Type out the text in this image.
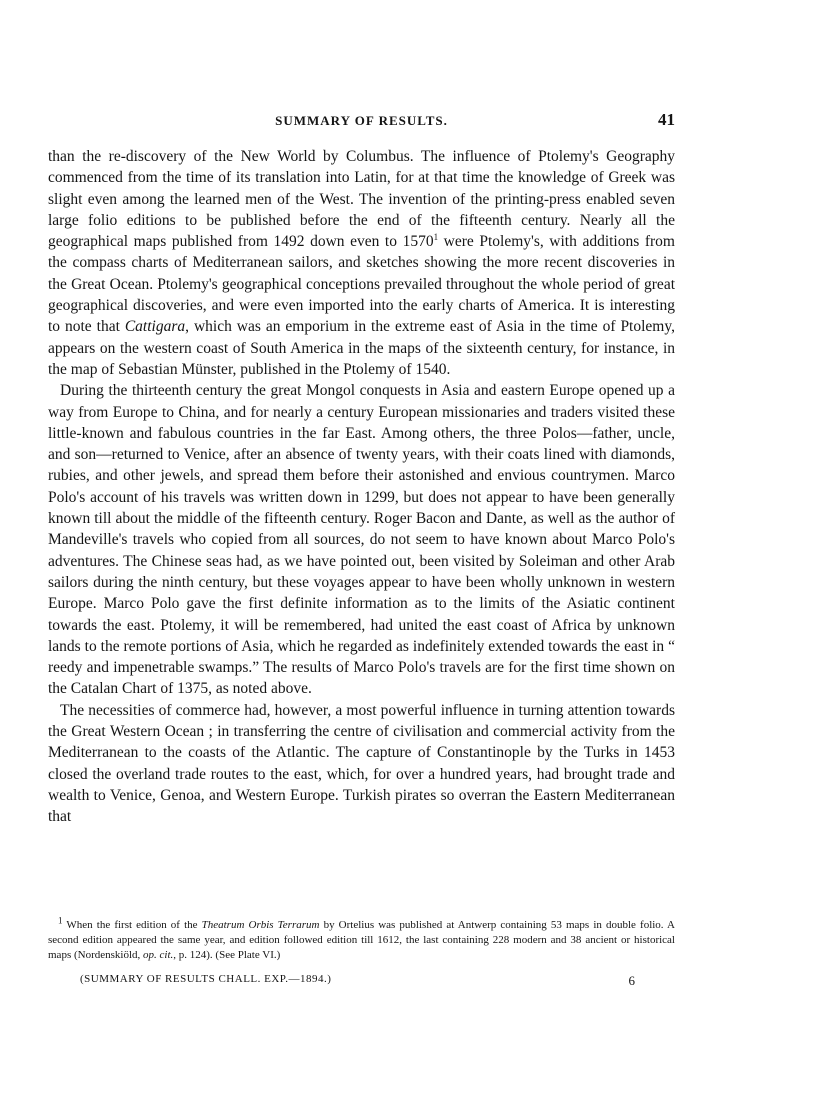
SUMMARY OF RESULTS.	41

than the re-discovery of the New World by Columbus. The influence of Ptolemy's Geography commenced from the time of its translation into Latin, for at that time the knowledge of Greek was slight even among the learned men of the West. The invention of the printing-press enabled seven large folio editions to be published before the end of the fifteenth century. Nearly all the geographical maps published from 1492 down even to 1570$^1$ were Ptolemy's, with additions from the compass charts of Mediterranean sailors, and sketches showing the more recent discoveries in the Great Ocean. Ptolemy's geographical conceptions prevailed throughout the whole period of great geographical discoveries, and were even imported into the early charts of America. It is interesting to note that Cattigara, which was an emporium in the extreme east of Asia in the time of Ptolemy, appears on the western coast of South America in the maps of the sixteenth century, for instance, in the map of Sebastian Münster, published in the Ptolemy of 1540.

During the thirteenth century the great Mongol conquests in Asia and eastern Europe opened up a way from Europe to China, and for nearly a century European missionaries and traders visited these little-known and fabulous countries in the far East. Among others, the three Polos—father, uncle, and son—returned to Venice, after an absence of twenty years, with their coats lined with diamonds, rubies, and other jewels, and spread them before their astonished and envious countrymen. Marco Polo's account of his travels was written down in 1299, but does not appear to have been generally known till about the middle of the fifteenth century. Roger Bacon and Dante, as well as the author of Mandeville's travels who copied from all sources, do not seem to have known about Marco Polo's adventures. The Chinese seas had, as we have pointed out, been visited by Soleiman and other Arab sailors during the ninth century, but these voyages appear to have been wholly unknown in western Europe. Marco Polo gave the first definite information as to the limits of the Asiatic continent towards the east. Ptolemy, it will be remembered, had united the east coast of Africa by unknown lands to the remote portions of Asia, which he regarded as indefinitely extended towards the east in “ reedy and impenetrable swamps.” The results of Marco Polo's travels are for the first time shown on the Catalan Chart of 1375, as noted above.

The necessities of commerce had, however, a most powerful influence in turning attention towards the Great Western Ocean ; in transferring the centre of civilisation and commercial activity from the Mediterranean to the coasts of the Atlantic. The capture of Constantinople by the Turks in 1453 closed the overland trade routes to the east, which, for over a hundred years, had brought trade and wealth to Venice, Genoa, and Western Europe. Turkish pirates so overran the Eastern Mediterranean that

$^1$ When the first edition of the Theatrum Orbis Terrarum by Ortelius was published at Antwerp containing 53 maps in double folio. A second edition appeared the same year, and edition followed edition till 1612, the last containing 228 modern and 38 ancient or historical maps (Nordenskiöld, op. cit., p. 124). (See Plate VI.)

(SUMMARY OF RESULTS CHALL. EXP.—1894.)	6
